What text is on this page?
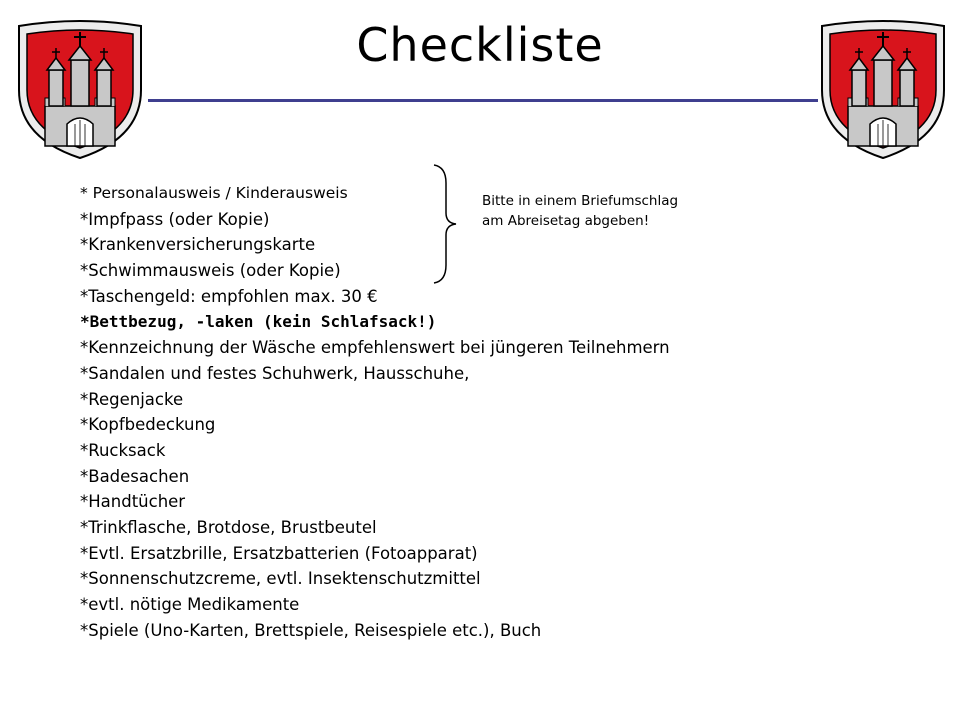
Checkliste
* Personalausweis / Kinderausweis
*Impfpass (oder Kopie)
*Krankenversicherungskarte
*Schwimmausweis (oder Kopie)
*Taschengeld: empfohlen max. 30 €
*Bettbezug, -laken (kein Schlafsack!)
*Kennzeichnung der Wäsche empfehlenswert bei jüngeren Teilnehmern
*Sandalen und festes Schuhwerk, Hausschuhe,
*Regenjacke
*Kopfbedeckung
*Rucksack
*Badesachen
*Handtücher
*Trinkflasche, Brotdose, Brustbeutel
*Evtl. Ersatzbrille, Ersatzbatterien (Fotoapparat)
*Sonnenschutzcreme, evtl. Insektenschutzmittel
*evtl. nötige Medikamente
*Spiele (Uno-Karten, Brettspiele, Reisespiele etc.), Buch
Bitte in einem Briefumschlag
am Abreisetag abgeben!
